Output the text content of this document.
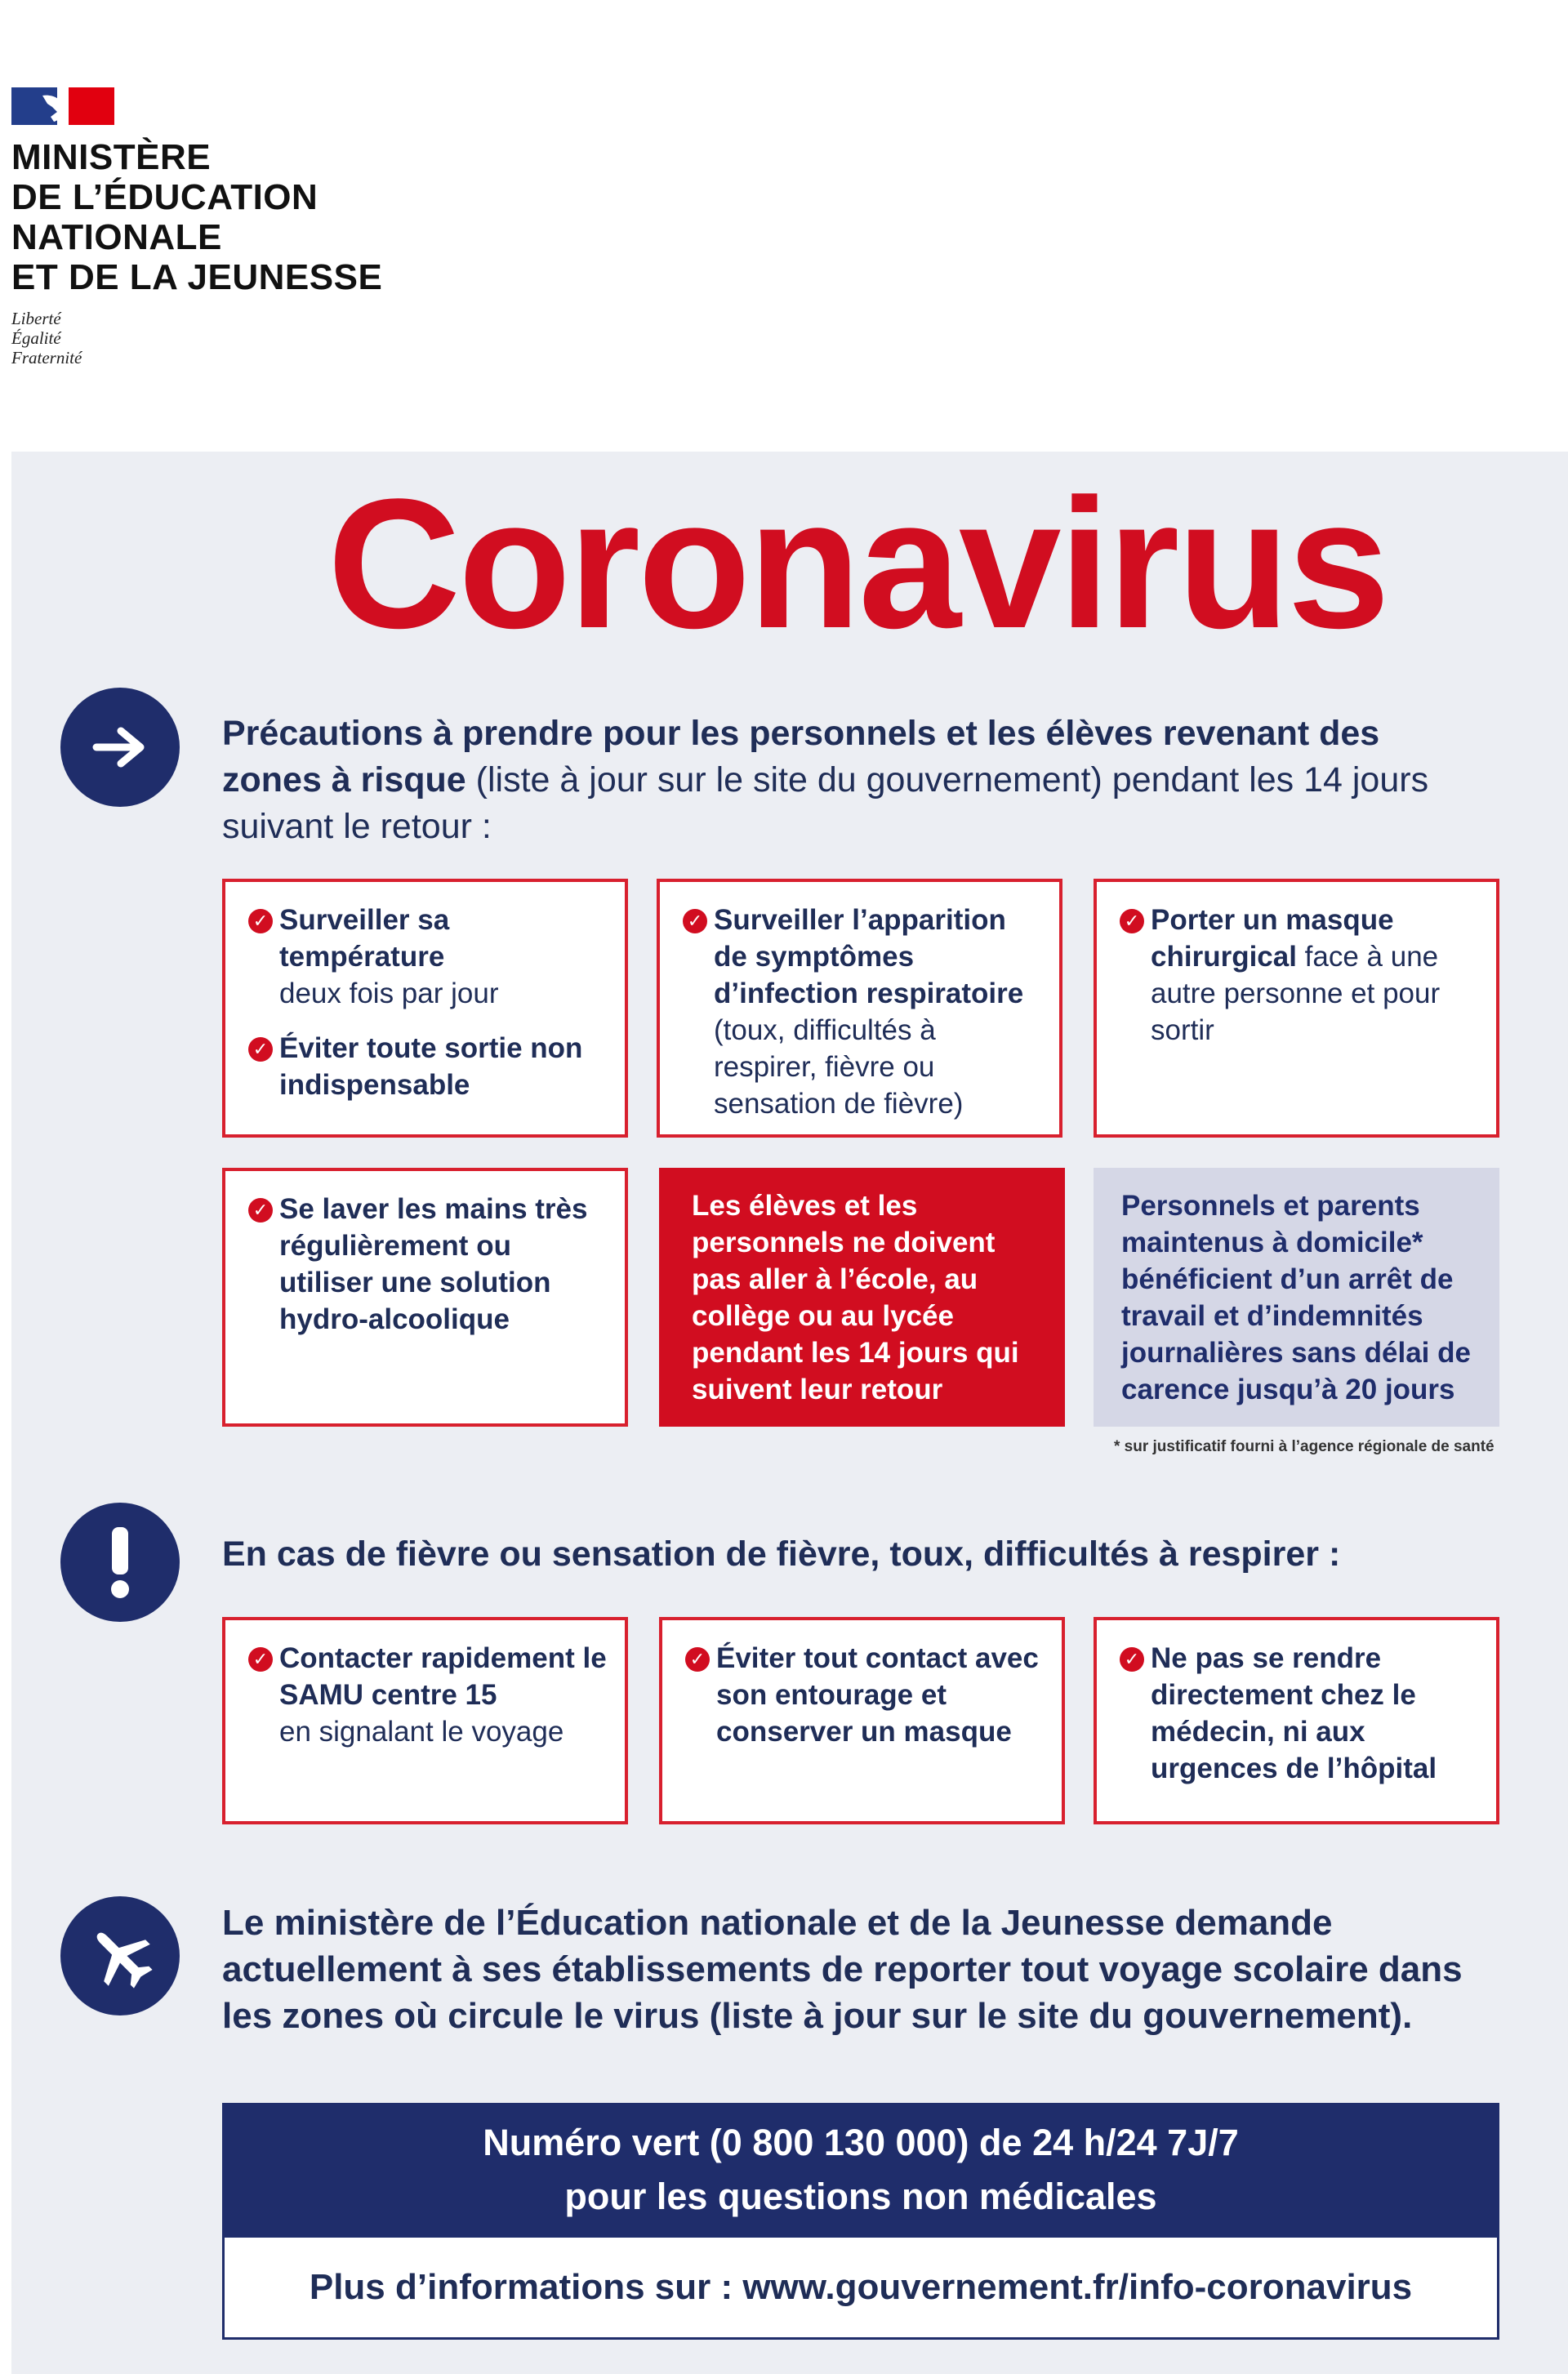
MINISTÈRE
DE L’ÉDUCATION
NATIONALE
ET DE LA JEUNESSE
Liberté
Égalité
Fraternité
Coronavirus
Précautions à prendre pour les personnels et les élèves revenant des zones à risque (liste à jour sur le site du gouvernement) pendant les 14 jours suivant le retour :
✓ Surveiller sa température
deux fois par jour
✓ Éviter toute sortie non indispensable
✓ Surveiller l’apparition de symptômes d’infection respiratoire
(toux, difficultés à respirer, fièvre ou sensation de fièvre)
✓ Porter un masque chirurgical face à une autre personne et pour sortir
✓ Se laver les mains très régulièrement ou utiliser une solution hydro-alcoolique
Les élèves et les personnels ne doivent pas aller à l’école, au collège ou au lycée pendant les 14 jours qui suivent leur retour
Personnels et parents maintenus à domicile* bénéficient d’un arrêt de travail et d’indemnités journalières sans délai de carence jusqu’à 20 jours
* sur justificatif fourni à l’agence régionale de santé
En cas de fièvre ou sensation de fièvre, toux, difficultés à respirer :
✓ Contacter rapidement le SAMU centre 15
en signalant le voyage
✓ Éviter tout contact avec son entourage et conserver un masque
✓ Ne pas se rendre directement chez le médecin, ni aux urgences de l’hôpital
Le ministère de l’Éducation nationale et de la Jeunesse demande actuellement à ses établissements de reporter tout voyage scolaire dans les zones où circule le virus (liste à jour sur le site du gouvernement).
Numéro vert (0 800 130 000) de 24 h/24 7J/7
pour les questions non médicales
Plus d’informations sur : www.gouvernement.fr/info-coronavirus
